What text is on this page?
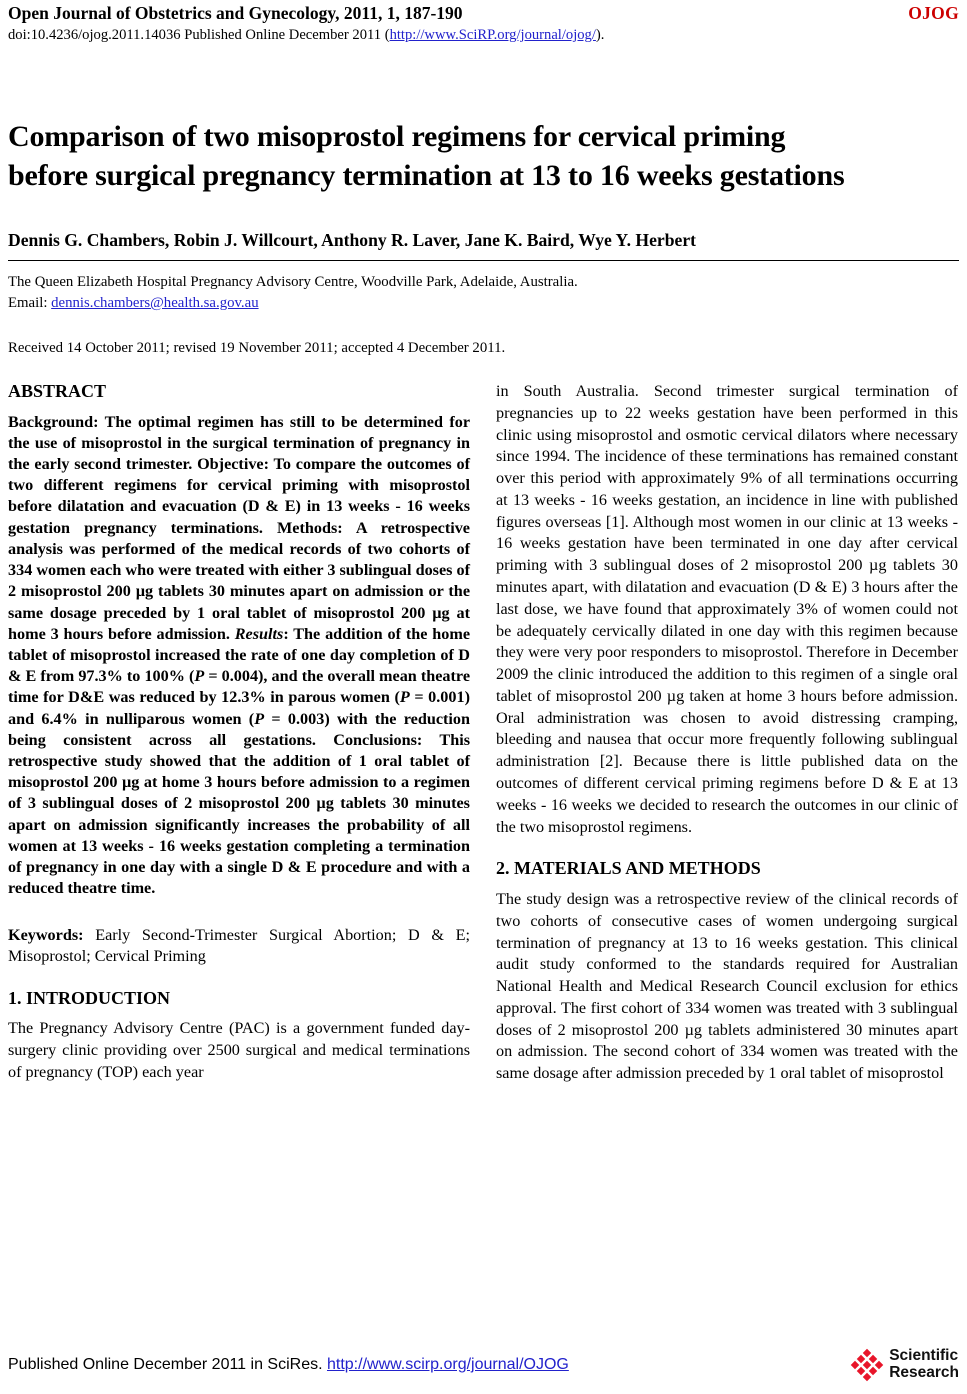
Open Journal of Obstetrics and Gynecology, 2011, 1, 187-190	OJOG
doi:10.4236/ojog.2011.14036 Published Online December 2011 (http://www.SciRP.org/journal/ojog/).
Comparison of two misoprostol regimens for cervical priming before surgical pregnancy termination at 13 to 16 weeks gestations
Dennis G. Chambers, Robin J. Willcourt, Anthony R. Laver, Jane K. Baird, Wye Y. Herbert
The Queen Elizabeth Hospital Pregnancy Advisory Centre, Woodville Park, Adelaide, Australia.
Email: dennis.chambers@health.sa.gov.au
Received 14 October 2011; revised 19 November 2011; accepted 4 December 2011.
ABSTRACT

Background: The optimal regimen has still to be determined for the use of misoprostol in the surgical termination of pregnancy in the early second trimester. Objective: To compare the outcomes of two different regimens for cervical priming with misoprostol before dilatation and evacuation (D & E) in 13 weeks - 16 weeks gestation pregnancy terminations. Methods: A retrospective analysis was performed of the medical records of two cohorts of 334 women each who were treated with either 3 sublingual doses of 2 misoprostol 200 µg tablets 30 minutes apart on admission or the same dosage preceded by 1 oral tablet of misoprostol 200 µg at home 3 hours before admission. Results: The addition of the home tablet of misoprostol increased the rate of one day completion of D & E from 97.3% to 100% (P = 0.004), and the overall mean theatre time for D&E was reduced by 12.3% in parous women (P = 0.001) and 6.4% in nulliparous women (P = 0.003) with the reduction being consistent across all gestations. Conclusions: This retrospective study showed that the addition of 1 oral tablet of misoprostol 200 µg at home 3 hours before admission to a regimen of 3 sublingual doses of 2 misoprostol 200 µg tablets 30 minutes apart on admission significantly increases the probability of all women at 13 weeks - 16 weeks gestation completing a termination of pregnancy in one day with a single D & E procedure and with a reduced theatre time.

Keywords: Early Second-Trimester Surgical Abortion; D & E; Misoprostol; Cervical Priming

1. INTRODUCTION

The Pregnancy Advisory Centre (PAC) is a government funded day-surgery clinic providing over 2500 surgical and medical terminations of pregnancy (TOP) each year

in South Australia. Second trimester surgical termination of pregnancies up to 22 weeks gestation have been performed in this clinic using misoprostol and osmotic cervical dilators where necessary since 1994. The incidence of these terminations has remained constant over this period with approximately 9% of all terminations occurring at 13 weeks - 16 weeks gestation, an incidence in line with published figures overseas [1]. Although most women in our clinic at 13 weeks - 16 weeks gestation have been terminated in one day after cervical priming with 3 sublingual doses of 2 misoprostol 200 µg tablets 30 minutes apart, with dilatation and evacuation (D & E) 3 hours after the last dose, we have found that approximately 3% of women could not be adequately cervically dilated in one day with this regimen because they were very poor responders to misoprostol. Therefore in December 2009 the clinic introduced the addition to this regimen of a single oral tablet of misoprostol 200 µg taken at home 3 hours before admission. Oral administration was chosen to avoid distressing cramping, bleeding and nausea that occur more frequently following sublingual administration [2]. Because there is little published data on the outcomes of different cervical priming regimens before D & E at 13 weeks - 16 weeks we decided to research the outcomes in our clinic of the two misoprostol regimens.

2. MATERIALS AND METHODS

The study design was a retrospective review of the clinical records of two cohorts of consecutive cases of women undergoing surgical termination of pregnancy at 13 to 16 weeks gestation. This clinical audit study conformed to the standards required for Australian National Health and Medical Research Council exclusion for ethics approval. The first cohort of 334 women was treated with 3 sublingual doses of 2 misoprostol 200 µg tablets administered 30 minutes apart on admission. The second cohort of 334 women was treated with the same dosage after admission preceded by 1 oral tablet of misoprostol

Published Online December 2011 in SciRes. http://www.scirp.org/journal/OJOG
Scientific
Research
